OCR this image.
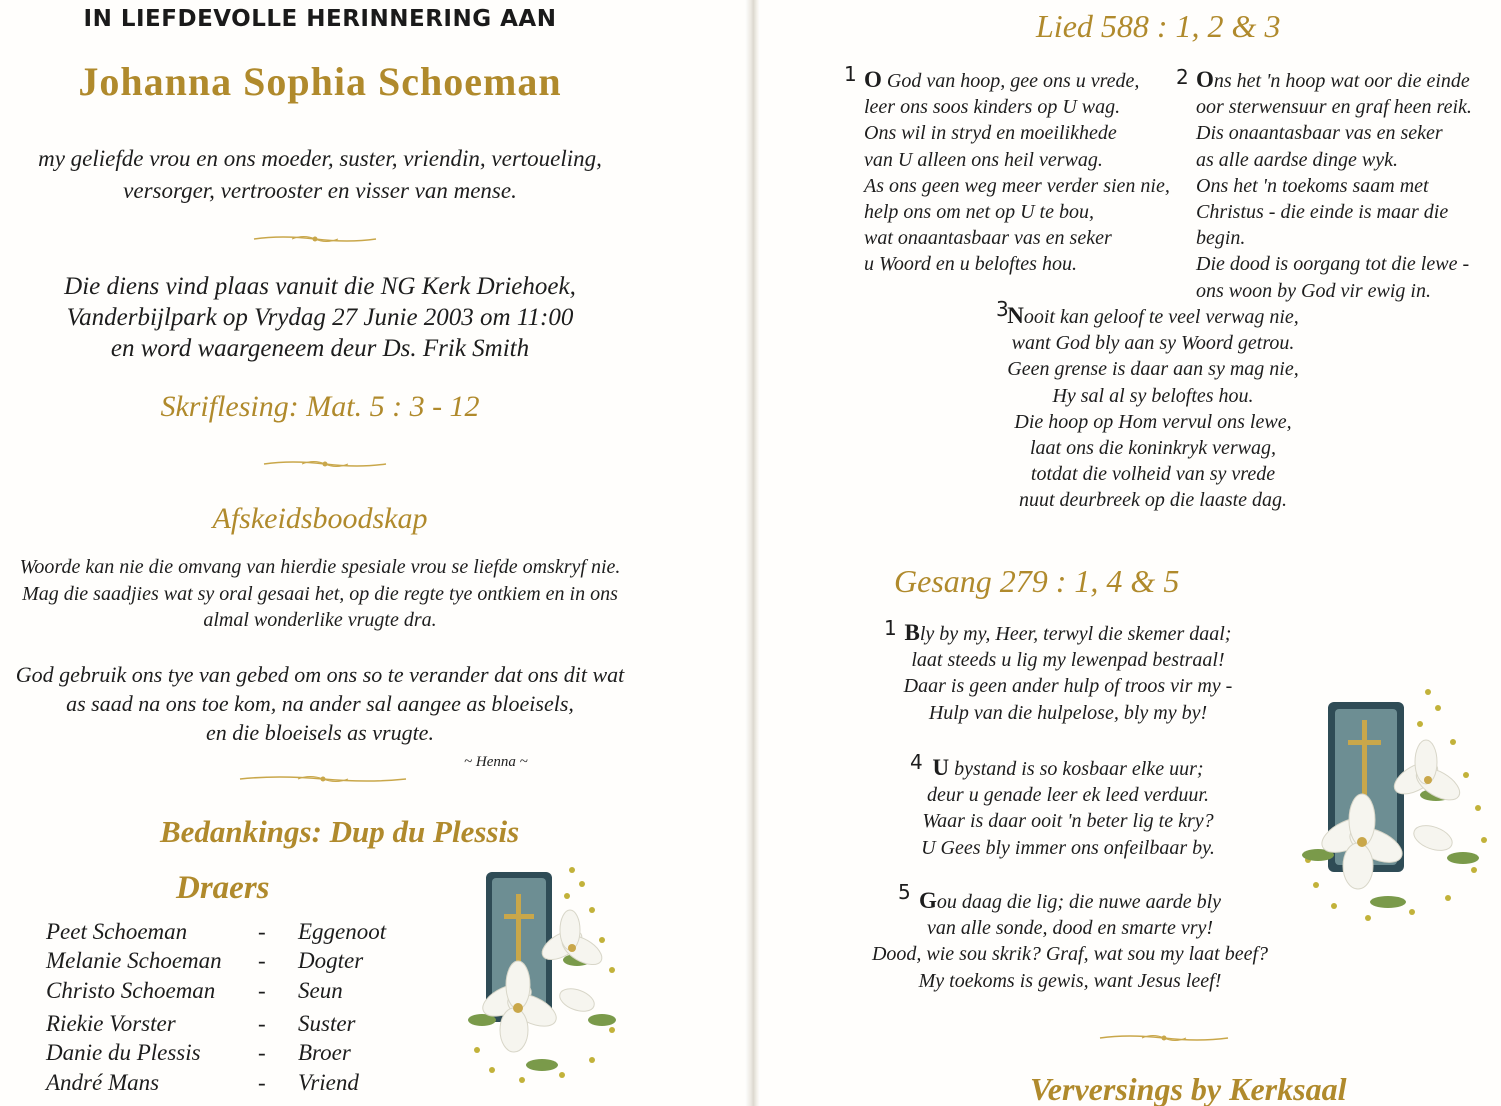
IN LIEFDEVOLLE HERINNERING AAN
Johanna Sophia Schoeman
my geliefde vrou en ons moeder, suster, vriendin, vertoueling,
versorger, vertrooster en visser van mense.
Die diens vind plaas vanuit die NG Kerk Driehoek,
Vanderbijlpark op Vrydag 27 Junie 2003 om 11:00
en word waargeneem deur Ds. Frik Smith
Skriflesing: Mat. 5 : 3 - 12
Afskeidsboodskap
Woorde kan nie die omvang van hierdie spesiale vrou se liefde omskryf nie.
Mag die saadjies wat sy oral gesaai het, op die regte tye ontkiem en in ons
almal wonderlike vrugte dra.
God gebruik ons tye van gebed om ons so te verander dat ons dit wat
as saad na ons toe kom, na ander sal aangee as bloeisels,
en die bloeisels as vrugte.
~ Henna ~
Bedankings: Dup du Plessis
Draers
Peet Schoeman	- Eggenoot
Melanie Schoeman - Dogter
Christo Schoeman - Seun
Riekie Vorster	- Suster
Danie du Plessis - Broer
André Mans	- Vriend
Lied 588 : 1, 2 & 3
1 O God van hoop, gee ons u vrede,
leer ons soos kinders op U wag.
Ons wil in stryd en moeilikhede
van U alleen ons heil verwag.
As ons geen weg meer verder sien nie,
help ons om net op U te bou,
wat onaantasbaar vas en seker
u Woord en u beloftes hou.
2 Ons het 'n hoop wat oor die einde
oor sterwensuur en graf heen reik.
Dis onaantasbaar vas en seker
as alle aardse dinge wyk.
Ons het 'n toekoms saam met
Christus - die einde is maar die begin.
Die dood is oorgang tot die lewe -
ons woon by God vir ewig in.
3
Nooit kan geloof te veel verwag nie,
want God bly aan sy Woord getrou.
Geen grense is daar aan sy mag nie,
Hy sal al sy beloftes hou.
Die hoop op Hom vervul ons lewe,
laat ons die koninkryk verwag,
totdat die volheid van sy vrede
nuut deurbreek op die laaste dag.
Gesang 279 : 1, 4 & 5
1 Bly by my, Heer, terwyl die skemer daal;
laat steeds u lig my lewenpad bestraal!
Daar is geen ander hulp of troos vir my -
Hulp van die hulpelose, bly my by!
4 U bystand is so kosbaar elke uur;
deur u genade leer ek leed verduur.
Waar is daar ooit 'n beter lig te kry?
U Gees bly immer ons onfeilbaar by.
5 Gou daag die lig; die nuwe aarde bly
van alle sonde, dood en smarte vry!
Dood, wie sou skrik? Graf, wat sou my laat beef?
My toekoms is gewis, want Jesus leef!
Verversings by Kerksaal
